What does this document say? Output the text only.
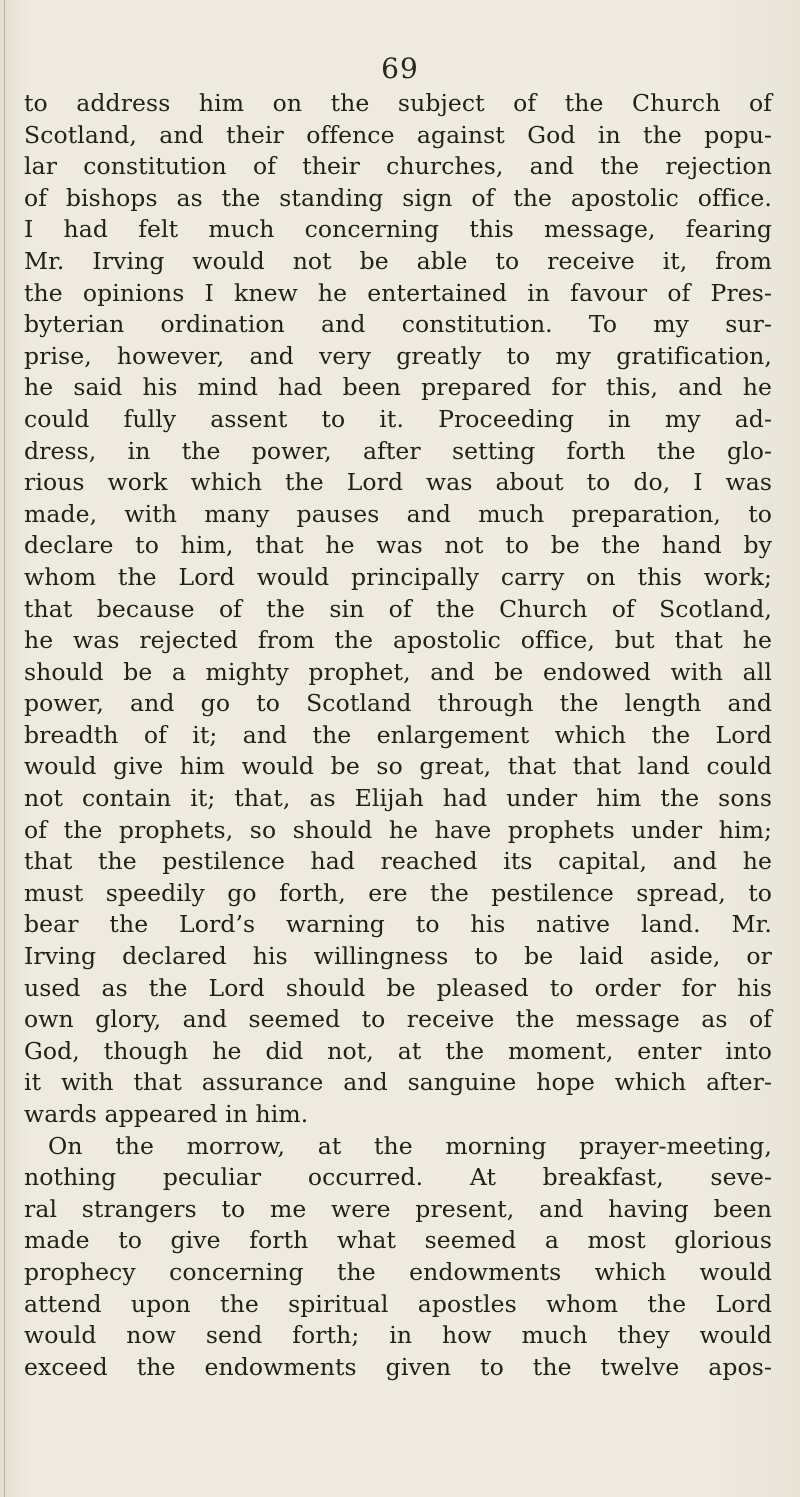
69
to address him on the subject of the Church of
Scotland, and their offence against God in the popu-
lar constitution of their churches, and the rejection
of bishops as the standing sign of the apostolic office.
I had felt much concerning this message, fearing
Mr. Irving would not be able to receive it, from
the opinions I knew he entertained in favour of Pres-
byterian ordination and constitution. To my sur-
prise, however, and very greatly to my gratification,
he said his mind had been prepared for this, and he
could fully assent to it. Proceeding in my ad-
dress, in the power, after setting forth the glo-
rious work which the Lord was about to do, I was
made, with many pauses and much preparation, to
declare to him, that he was not to be the hand by
whom the Lord would principally carry on this work;
that because of the sin of the Church of Scotland,
he was rejected from the apostolic office, but that he
should be a mighty prophet, and be endowed with all
power, and go to Scotland through the length and
breadth of it; and the enlargement which the Lord
would give him would be so great, that that land could
not contain it; that, as Elijah had under him the sons
of the prophets, so should he have prophets under him;
that the pestilence had reached its capital, and he
must speedily go forth, ere the pestilence spread, to
bear the Lord’s warning to his native land. Mr.
Irving declared his willingness to be laid aside, or
used as the Lord should be pleased to order for his
own glory, and seemed to receive the message as of
God, though he did not, at the moment, enter into
it with that assurance and sanguine hope which after-
wards appeared in him.
On the morrow, at the morning prayer-meeting,
nothing peculiar occurred. At breakfast, seve-
ral strangers to me were present, and having been
made to give forth what seemed a most glorious
prophecy concerning the endowments which would
attend upon the spiritual apostles whom the Lord
would now send forth; in how much they would
exceed the endowments given to the twelve apos-
